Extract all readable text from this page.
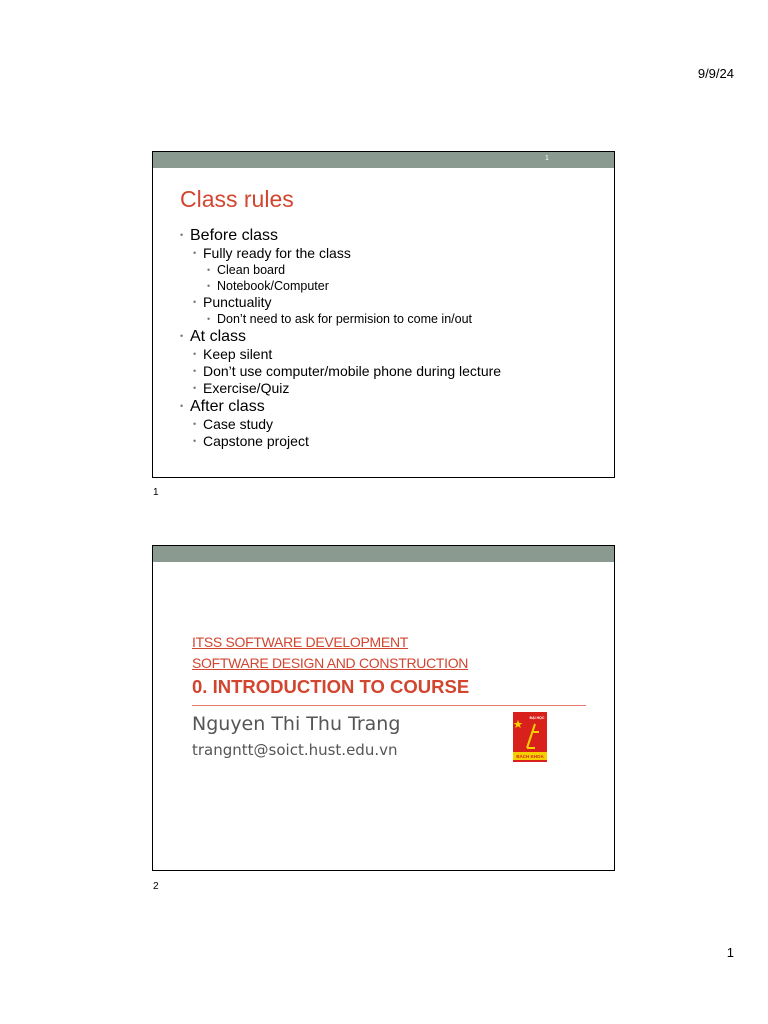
9/9/24
1
Class rules
• Before class
• Fully ready for the class
• Clean board
• Notebook/Computer
• Punctuality
• Don’t need to ask for permision to come in/out
• At class
• Keep silent
• Don’t use computer/mobile phone during lecture
• Exercise/Quiz
• After class
• Case study
• Capstone project
1
ITSS SOFTWARE DEVELOPMENT
SOFTWARE DESIGN AND CONSTRUCTION
0. INTRODUCTION TO COURSE
Nguyen Thi Thu Trang
trangntt@soict.hust.edu.vn
ĐẠI HỌC
BÁCH KHOA
2
1
